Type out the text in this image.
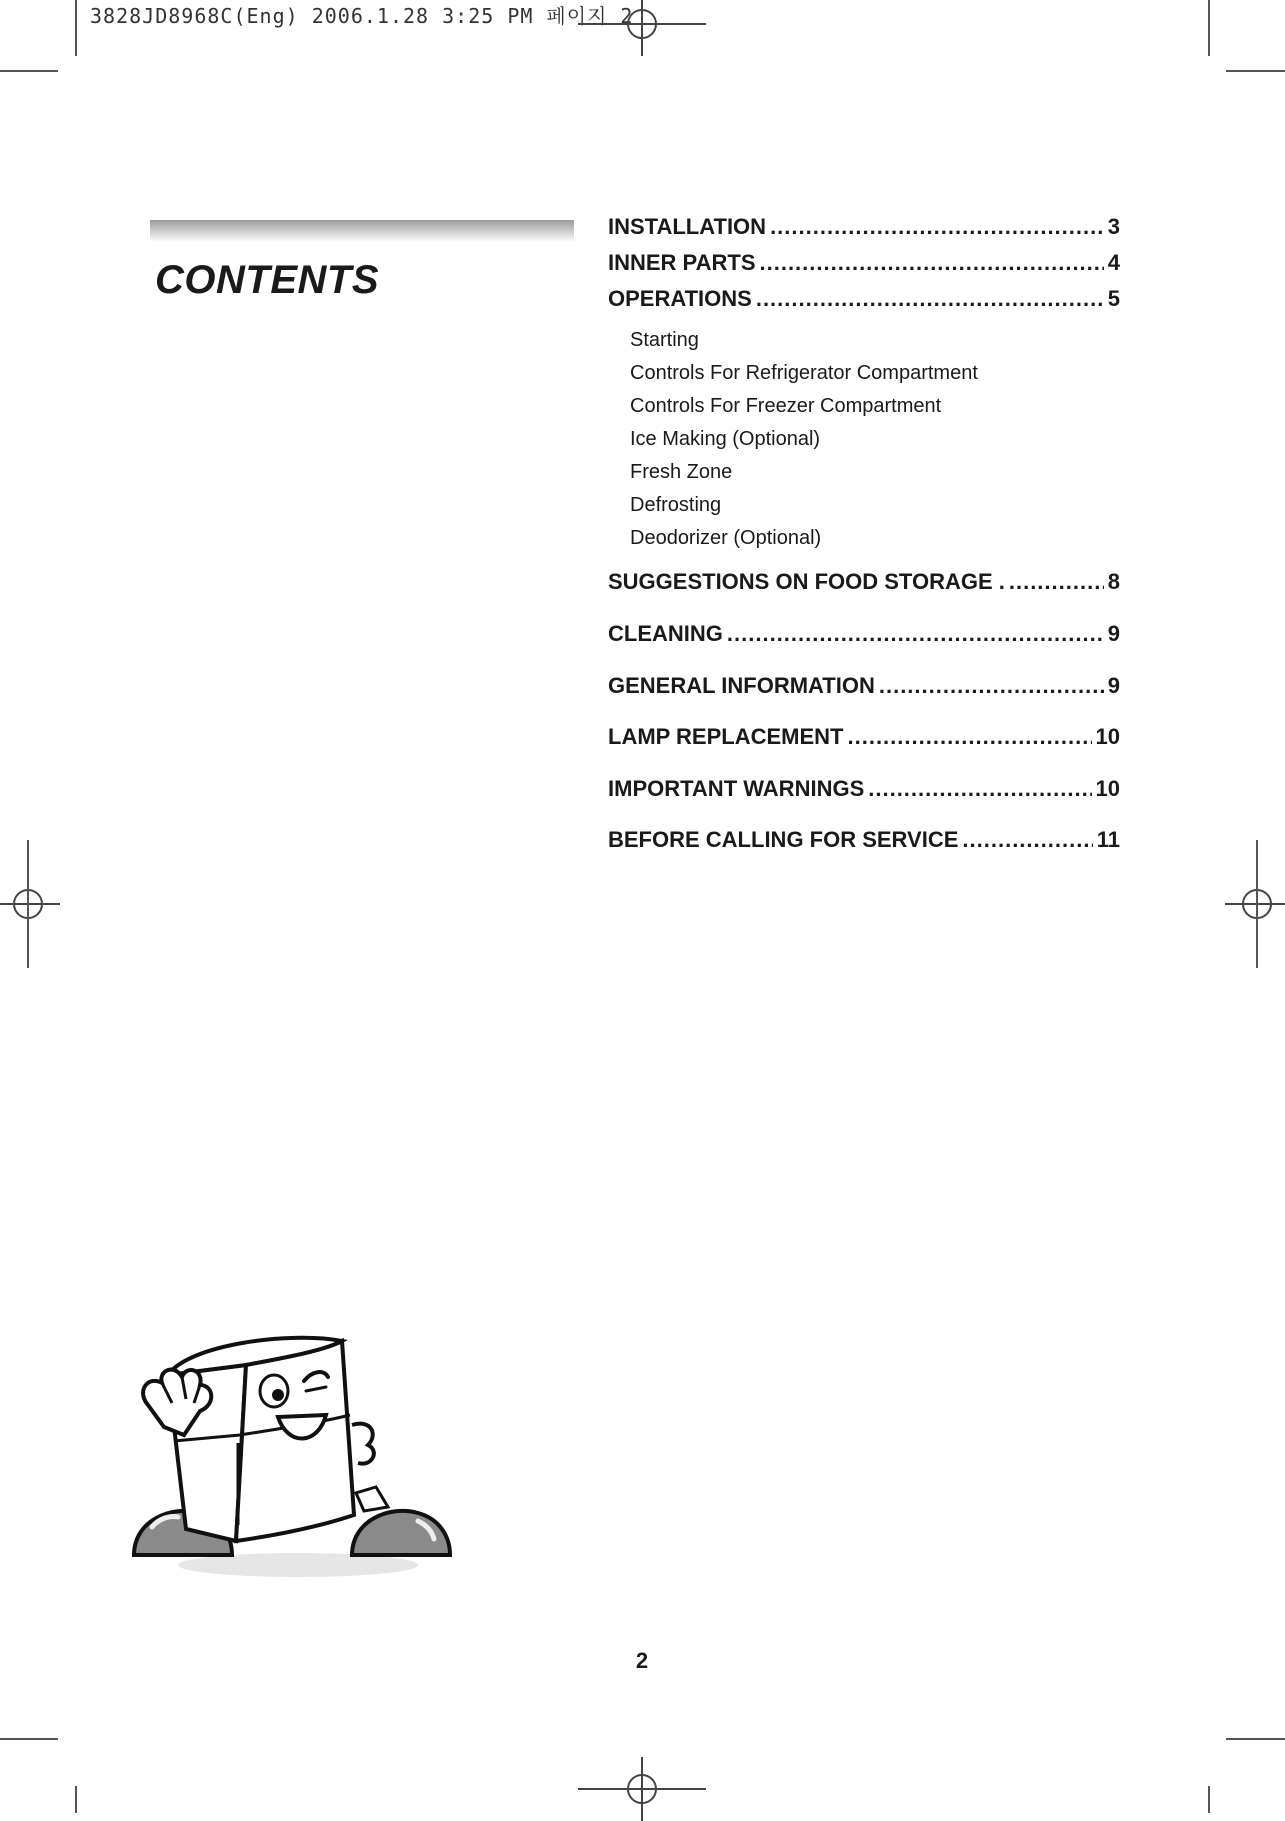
3828JD8968C(Eng) 2006.1.28 3:25 PM 페이지 2
CONTENTS
INSTALLATION .....	3
INNER PARTS .....	4
OPERATIONS .....	5
Starting
Controls For Refrigerator Compartment
Controls For Freezer Compartment
Ice Making (Optional)
Fresh Zone
Defrosting
Deodorizer (Optional)
SUGGESTIONS ON FOOD STORAGE . .....	8
CLEANING .....	9
GENERAL INFORMATION .....	9
LAMP REPLACEMENT .....	10
IMPORTANT WARNINGS .....	10
BEFORE CALLING FOR SERVICE .....	11
2
